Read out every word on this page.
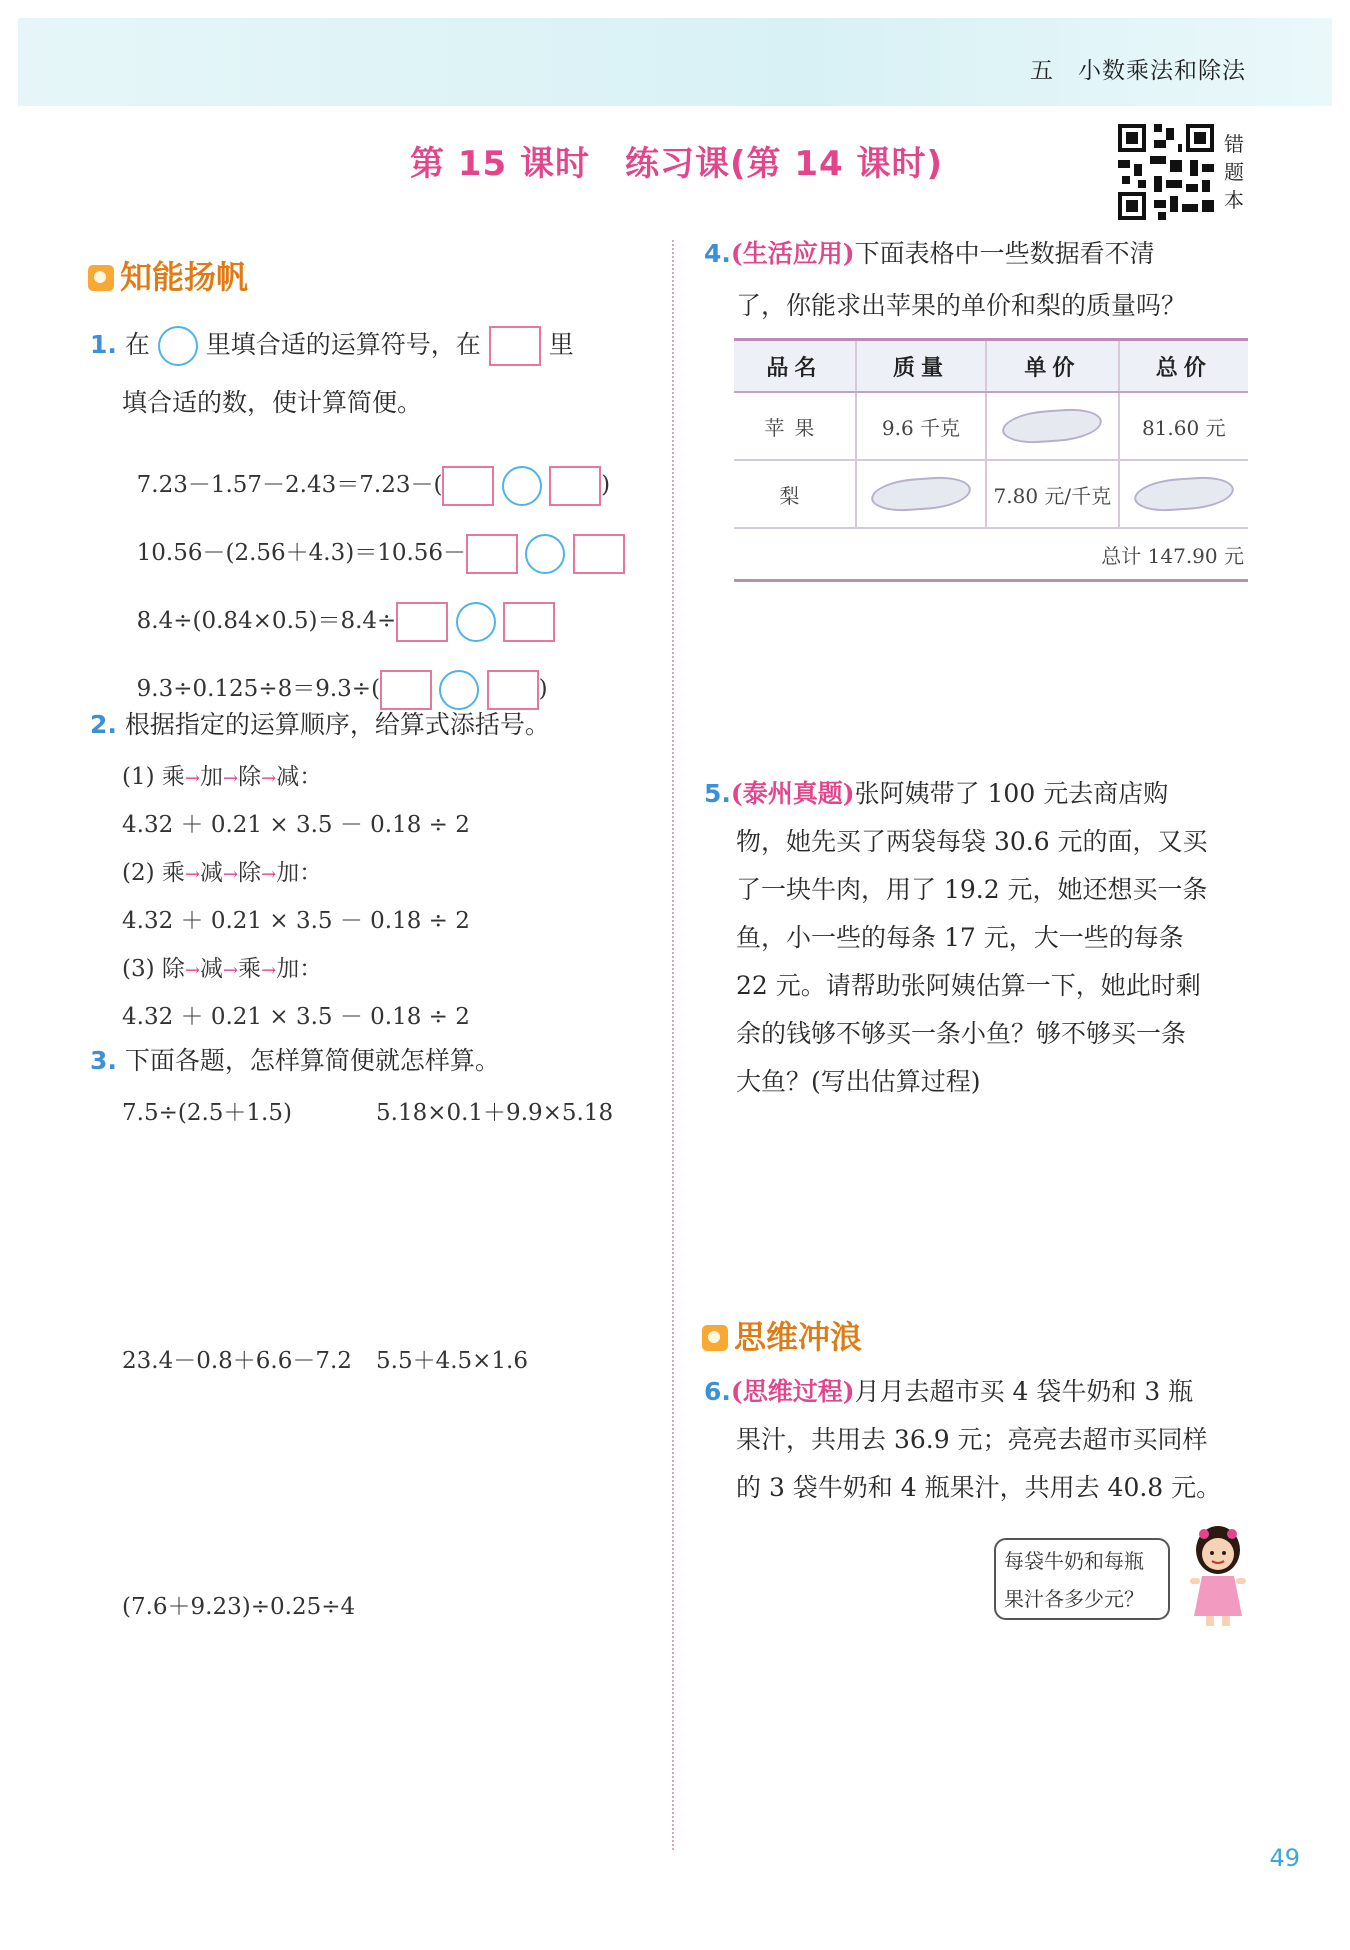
五　小数乘法和除法
第 15 课时　练习课(第 14 课时)	错题本
知能扬帆
1. 在 里填合适的运算符号，在	里
填合适的数，使计算简便。

7.23－1.57－2.43＝7.23－(	)

10.56－(2.56＋4.3)＝10.56－

8.4÷(0.84×0.5)＝8.4÷

9.3÷0.125÷8＝9.3÷(	)

2. 根据指定的运算顺序，给算式添括号。
(1) 乘→加→除→减：
4.32 ＋ 0.21 × 3.5 － 0.18 ÷ 2
(2) 乘→减→除→加：
4.32 ＋ 0.21 × 3.5 － 0.18 ÷ 2
(3) 除→减→乘→加：
4.32 ＋ 0.21 × 3.5 － 0.18 ÷ 2
3. 下面各题，怎样算简便就怎样算。
7.5÷(2.5＋1.5)	5.18×0.1＋9.9×5.18
23.4－0.8＋6.6－7.2 5.5＋4.5×1.6
(7.6＋9.23)÷0.25÷4
4.(生活应用)下面表格中一些数据看不清
了，你能求出苹果的单价和梨的质量吗？
品名	质量	单价	总价
苹果	9.6 千克		81.60 元
梨		7.80 元/千克	
总计 147.90 元			
5.(泰州真题)张阿姨带了 100 元去商店购
物，她先买了两袋每袋 30.6 元的面，又买
了一块牛肉，用了 19.2 元，她还想买一条
鱼，小一些的每条 17 元，大一些的每条
22 元。请帮助张阿姨估算一下，她此时剩
余的钱够不够买一条小鱼？够不够买一条
大鱼？(写出估算过程)
思维冲浪
6.(思维过程)月月去超市买 4 袋牛奶和 3 瓶
果汁，共用去 36.9 元；亮亮去超市买同样
的 3 袋牛奶和 4 瓶果汁，共用去 40.8 元。
每袋牛奶和每瓶
果汁各多少元？
49
